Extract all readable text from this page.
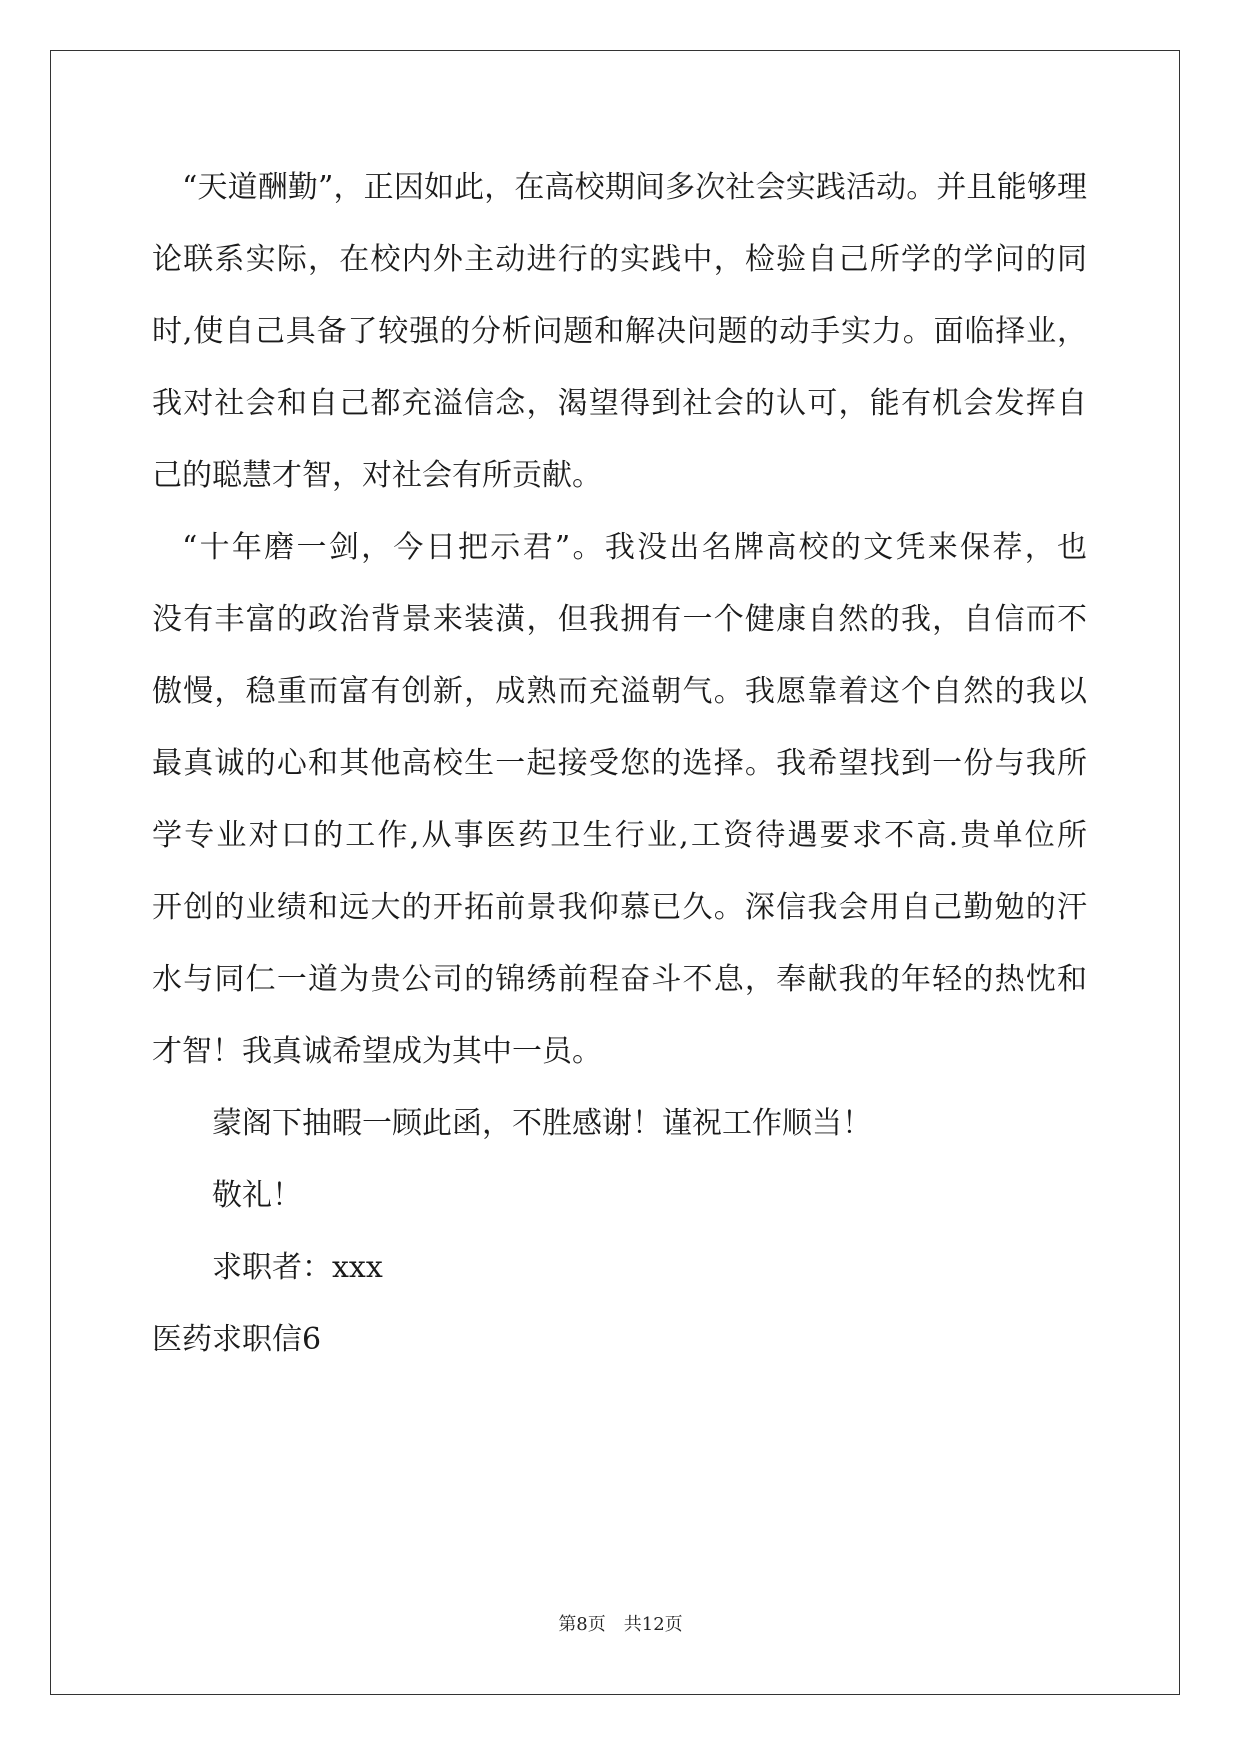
“天道酬勤”，正因如此，在高校期间多次社会实践活动。并且能够理
论联系实际，在校内外主动进行的实践中，检验自己所学的学问的同
时,使自己具备了较强的分析问题和解决问题的动手实力。面临择业，
我对社会和自己都充溢信念，渴望得到社会的认可，能有机会发挥自
己的聪慧才智，对社会有所贡献。
“十年磨一剑，今日把示君”。我没出名牌高校的文凭来保荐，也
没有丰富的政治背景来装潢，但我拥有一个健康自然的我，自信而不
傲慢，稳重而富有创新，成熟而充溢朝气。我愿靠着这个自然的我以
最真诚的心和其他高校生一起接受您的选择。我希望找到一份与我所
学专业对口的工作,从事医药卫生行业,工资待遇要求不高.贵单位所
开创的业绩和远大的开拓前景我仰慕已久。深信我会用自己勤勉的汗
水与同仁一道为贵公司的锦绣前程奋斗不息，奉献我的年轻的热忱和
才智！我真诚希望成为其中一员。
蒙阁下抽暇一顾此函，不胜感谢！谨祝工作顺当！
敬礼！
求职者：xxx
医药求职信6
第8页　共12页
